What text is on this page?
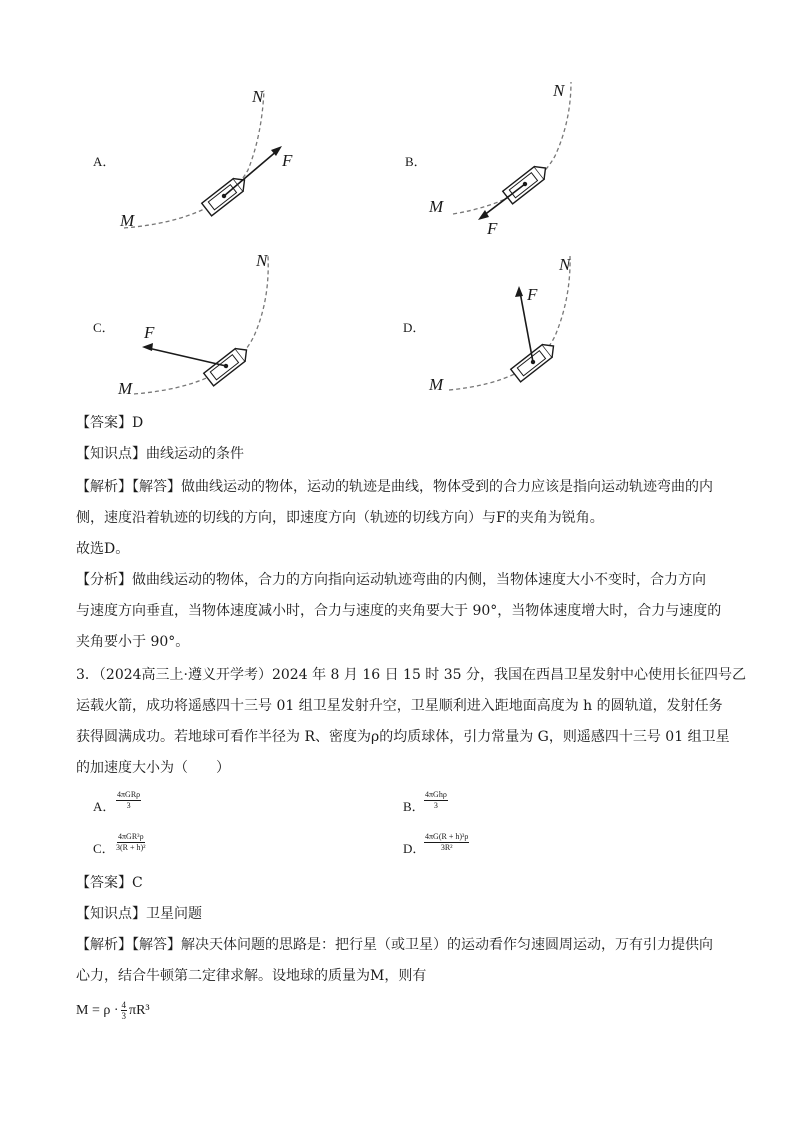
A．
M
N
F	B．
M
N
F
C．
M
N
F	D．
M
N
F
【答案】D
【知识点】曲线运动的条件
【解析】【解答】做曲线运动的物体，运动的轨迹是曲线，物体受到的合力应该是指向运动轨迹弯曲的内
侧，速度沿着轨迹的切线的方向，即速度方向（轨迹的切线方向）与F的夹角为锐角。
故选D。
【分析】做曲线运动的物体，合力的方向指向运动轨迹弯曲的内侧，当物体速度大小不变时，合力方向
与速度方向垂直，当物体速度减小时，合力与速度的夹角要大于 90°，当物体速度增大时，合力与速度的
夹角要小于 90°。
3．（2024高三上·遵义开学考）2024 年 8 月 16 日 15 时 35 分，我国在西昌卫星发射中心使用长征四号乙
运载火箭，成功将遥感四十三号 01 组卫星发射升空，卫星顺利进入距地面高度为 h 的圆轨道，发射任务
获得圆满成功。若地球可看作半径为 R、密度为ρ的均质球体，引力常量为 G，则遥感四十三号 01 组卫星
的加速度大小为（　　）
A．
4πGRρ
3	B．
4πGhρ
3
C．
4πGR³ρ
3(R + h)²	D．
$\frac{\text{4πG(R + h)³ρ}}{\text{3R²}}$
【答案】C
【知识点】卫星问题
【解析】【解答】解决天体问题的思路是：把行星（或卫星）的运动看作匀速圆周运动，万有引力提供向
心力，结合牛顿第二定律求解。设地球的质量为M，则有
$M = \rho \cdot \frac{4}{3} \pi R^3$
